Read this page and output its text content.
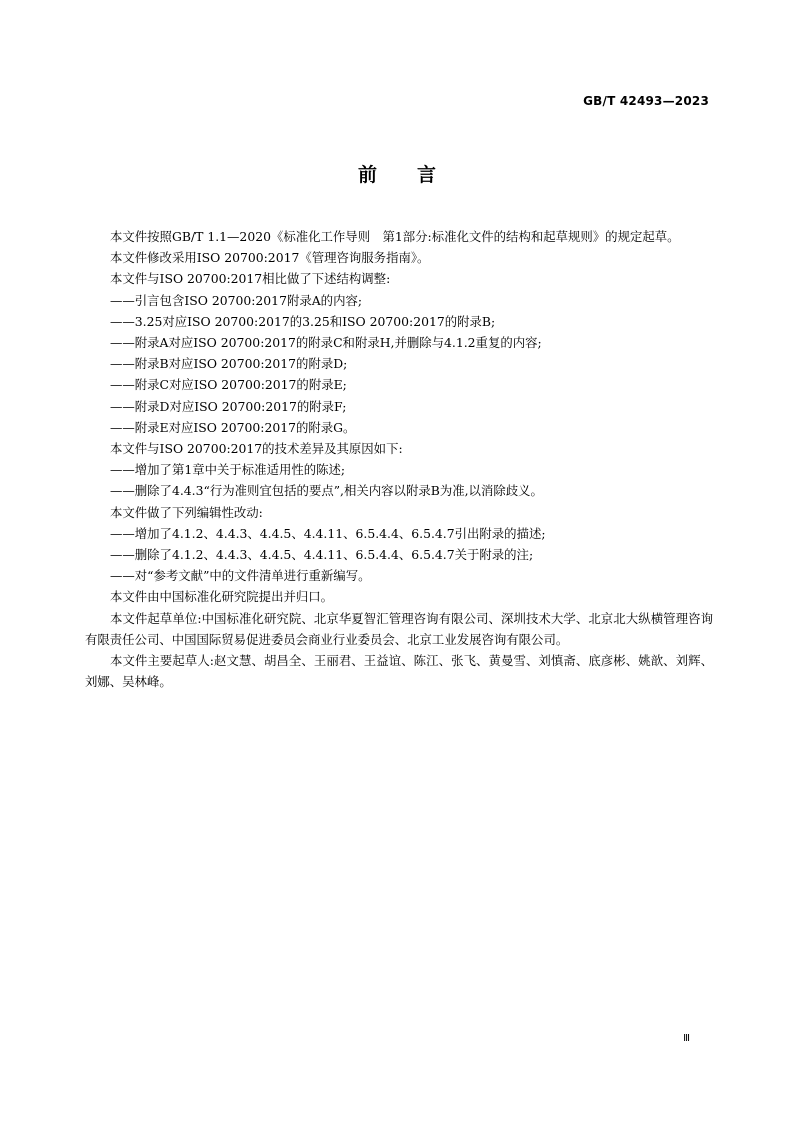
GB/T 42493—2023
前言

本文件按照GB/T 1.1—2020《标准化工作导则　第1部分:标准化文件的结构和起草规则》的规定起草。

本文件修改采用ISO 20700:2017《管理咨询服务指南》。

本文件与ISO 20700:2017相比做了下述结构调整:

——引言包含ISO 20700:2017附录A的内容;

——3.25对应ISO 20700:2017的3.25和ISO 20700:2017的附录B;

——附录A对应ISO 20700:2017的附录C和附录H,并删除与4.1.2重复的内容;

——附录B对应ISO 20700:2017的附录D;

——附录C对应ISO 20700:2017的附录E;

——附录D对应ISO 20700:2017的附录F;

——附录E对应ISO 20700:2017的附录G。

本文件与ISO 20700:2017的技术差异及其原因如下:

——增加了第1章中关于标准适用性的陈述;

——删除了4.4.3“行为准则宜包括的要点”,相关内容以附录B为准,以消除歧义。

本文件做了下列编辑性改动:

——增加了4.1.2、4.4.3、4.4.5、4.4.11、6.5.4.4、6.5.4.7引出附录的描述;

——删除了4.1.2、4.4.3、4.4.5、4.4.11、6.5.4.4、6.5.4.7关于附录的注;

——对“参考文献”中的文件清单进行重新编写。

本文件由中国标准化研究院提出并归口。

本文件起草单位:中国标准化研究院、北京华夏智汇管理咨询有限公司、深圳技术大学、北京北大纵横管理咨询有限责任公司、中国国际贸易促进委员会商业行业委员会、北京工业发展咨询有限公司。

本文件主要起草人:赵文慧、胡昌全、王丽君、王益谊、陈江、张飞、黄曼雪、刘慎斋、底彦彬、姚歆、刘辉、刘娜、吴林峰。

Ⅲ
